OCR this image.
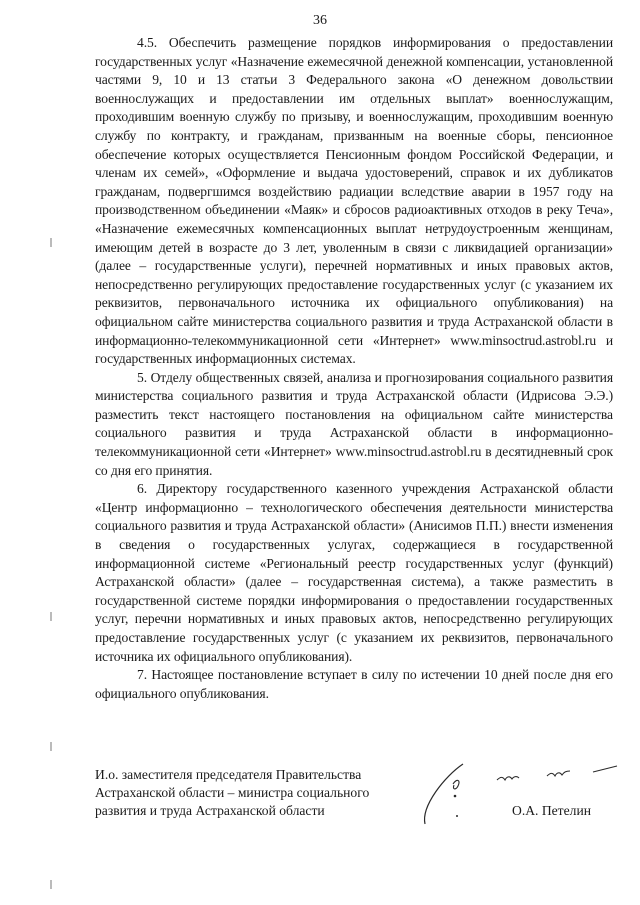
36

4.5. Обеспечить размещение порядков информирования о предоставлении государственных услуг «Назначение ежемесячной денежной компенсации, установленной частями 9, 10 и 13 статьи 3 Федерального закона «О денежном довольствии военнослужащих и предоставлении им отдельных выплат» военнослужащим, проходившим военную службу по призыву, и военнослужащим, проходившим военную службу по контракту, и гражданам, призванным на военные сборы, пенсионное обеспечение которых осуществляется Пенсионным фондом Российской Федерации, и членам их семей», «Оформление и выдача удостоверений, справок и их дубликатов гражданам, подвергшимся воздействию радиации вследствие аварии в 1957 году на производственном объединении «Маяк» и сбросов радиоактивных отходов в реку Теча», «Назначение ежемесячных компенсационных выплат нетрудоустроенным женщинам, имеющим детей в возрасте до 3 лет, уволенным в связи с ликвидацией организации» (далее – государственные услуги), перечней нормативных и иных правовых актов, непосредственно регулирующих предоставление государственных услуг (с указанием их реквизитов, первоначального источника их официального опубликования) на официальном сайте министерства социального развития и труда Астраханской области в информационно-телекоммуникационной сети «Интернет» www.minsoctrud.astrobl.ru и государственных информационных системах.

5. Отделу общественных связей, анализа и прогнозирования социального развития министерства социального развития и труда Астраханской области (Идрисова Э.Э.) разместить текст настоящего постановления на официальном сайте министерства социального развития и труда Астраханской области в информационно-телекоммуникационной сети «Интернет» www.minsoctrud.astrobl.ru в десятидневный срок со дня его принятия.

6. Директору государственного казенного учреждения Астраханской области «Центр информационно – технологического обеспечения деятельности министерства социального развития и труда Астраханской области» (Анисимов П.П.) внести изменения в сведения о государственных услугах, содержащиеся в государственной информационной системе «Региональный реестр государственных услуг (функций) Астраханской области» (далее – государственная система), а также разместить в государственной системе порядки информирования о предоставлении государственных услуг, перечни нормативных и иных правовых актов, непосредственно регулирующих предоставление государственных услуг (с указанием их реквизитов, первоначального источника их официального опубликования).

7. Настоящее постановление вступает в силу по истечении 10 дней после дня его официального опубликования.

И.о. заместителя председателя Правительства
Астраханской области – министра социального
развития и труда Астраханской области	О.А. Петелин
